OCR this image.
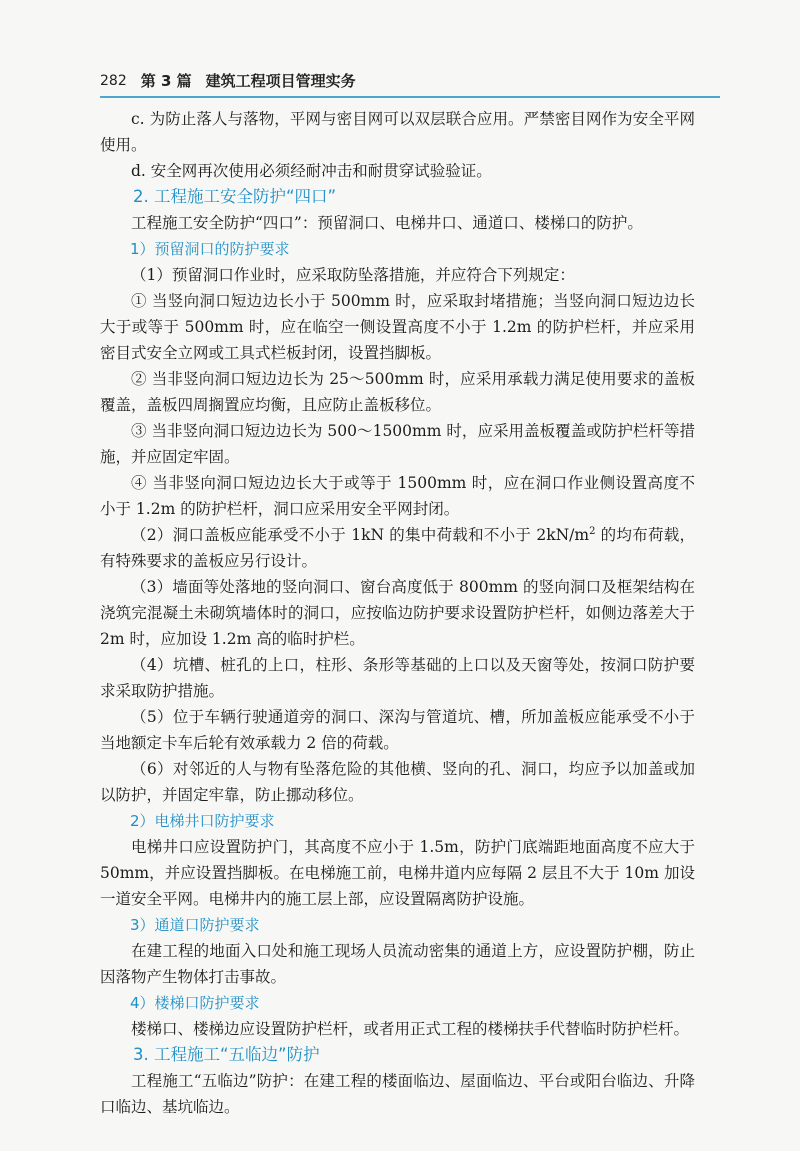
282 第 3 篇 建筑工程项目管理实务

c. 为防止落人与落物，平网与密目网可以双层联合应用。严禁密目网作为安全平网使用。

d. 安全网再次使用必须经耐冲击和耐贯穿试验验证。

2. 工程施工安全防护“四口”

工程施工安全防护“四口”：预留洞口、电梯井口、通道口、楼梯口的防护。

1）预留洞口的防护要求

（1）预留洞口作业时，应采取防坠落措施，并应符合下列规定：

① 当竖向洞口短边边长小于 500mm 时，应采取封堵措施；当竖向洞口短边边长大于或等于 500mm 时，应在临空一侧设置高度不小于 1.2m 的防护栏杆，并应采用密目式安全立网或工具式栏板封闭，设置挡脚板。

② 当非竖向洞口短边边长为 25～500mm 时，应采用承载力满足使用要求的盖板覆盖，盖板四周搁置应均衡，且应防止盖板移位。

③ 当非竖向洞口短边边长为 500～1500mm 时，应采用盖板覆盖或防护栏杆等措施，并应固定牢固。

④ 当非竖向洞口短边边长大于或等于 1500mm 时，应在洞口作业侧设置高度不小于 1.2m 的防护栏杆，洞口应采用安全平网封闭。

（2）洞口盖板应能承受不小于 1kN 的集中荷载和不小于 $2kN/m^2$ 的均布荷载，有特殊要求的盖板应另行设计。

（3）墙面等处落地的竖向洞口、窗台高度低于 800mm 的竖向洞口及框架结构在浇筑完混凝土未砌筑墙体时的洞口，应按临边防护要求设置防护栏杆，如侧边落差大于 2m 时，应加设 1.2m 高的临时护栏。

（4）坑槽、桩孔的上口，柱形、条形等基础的上口以及天窗等处，按洞口防护要求采取防护措施。

（5）位于车辆行驶通道旁的洞口、深沟与管道坑、槽，所加盖板应能承受不小于当地额定卡车后轮有效承载力 2 倍的荷载。

（6）对邻近的人与物有坠落危险的其他横、竖向的孔、洞口，均应予以加盖或加以防护，并固定牢靠，防止挪动移位。

2）电梯井口防护要求

电梯井口应设置防护门，其高度不应小于 1.5m，防护门底端距地面高度不应大于 50mm，并应设置挡脚板。在电梯施工前，电梯井道内应每隔 2 层且不大于 10m 加设一道安全平网。电梯井内的施工层上部，应设置隔离防护设施。

3）通道口防护要求

在建工程的地面入口处和施工现场人员流动密集的通道上方，应设置防护棚，防止因落物产生物体打击事故。

4）楼梯口防护要求

楼梯口、楼梯边应设置防护栏杆，或者用正式工程的楼梯扶手代替临时防护栏杆。

3. 工程施工“五临边”防护

工程施工“五临边”防护：在建工程的楼面临边、屋面临边、平台或阳台临边、升降口临边、基坑临边。
